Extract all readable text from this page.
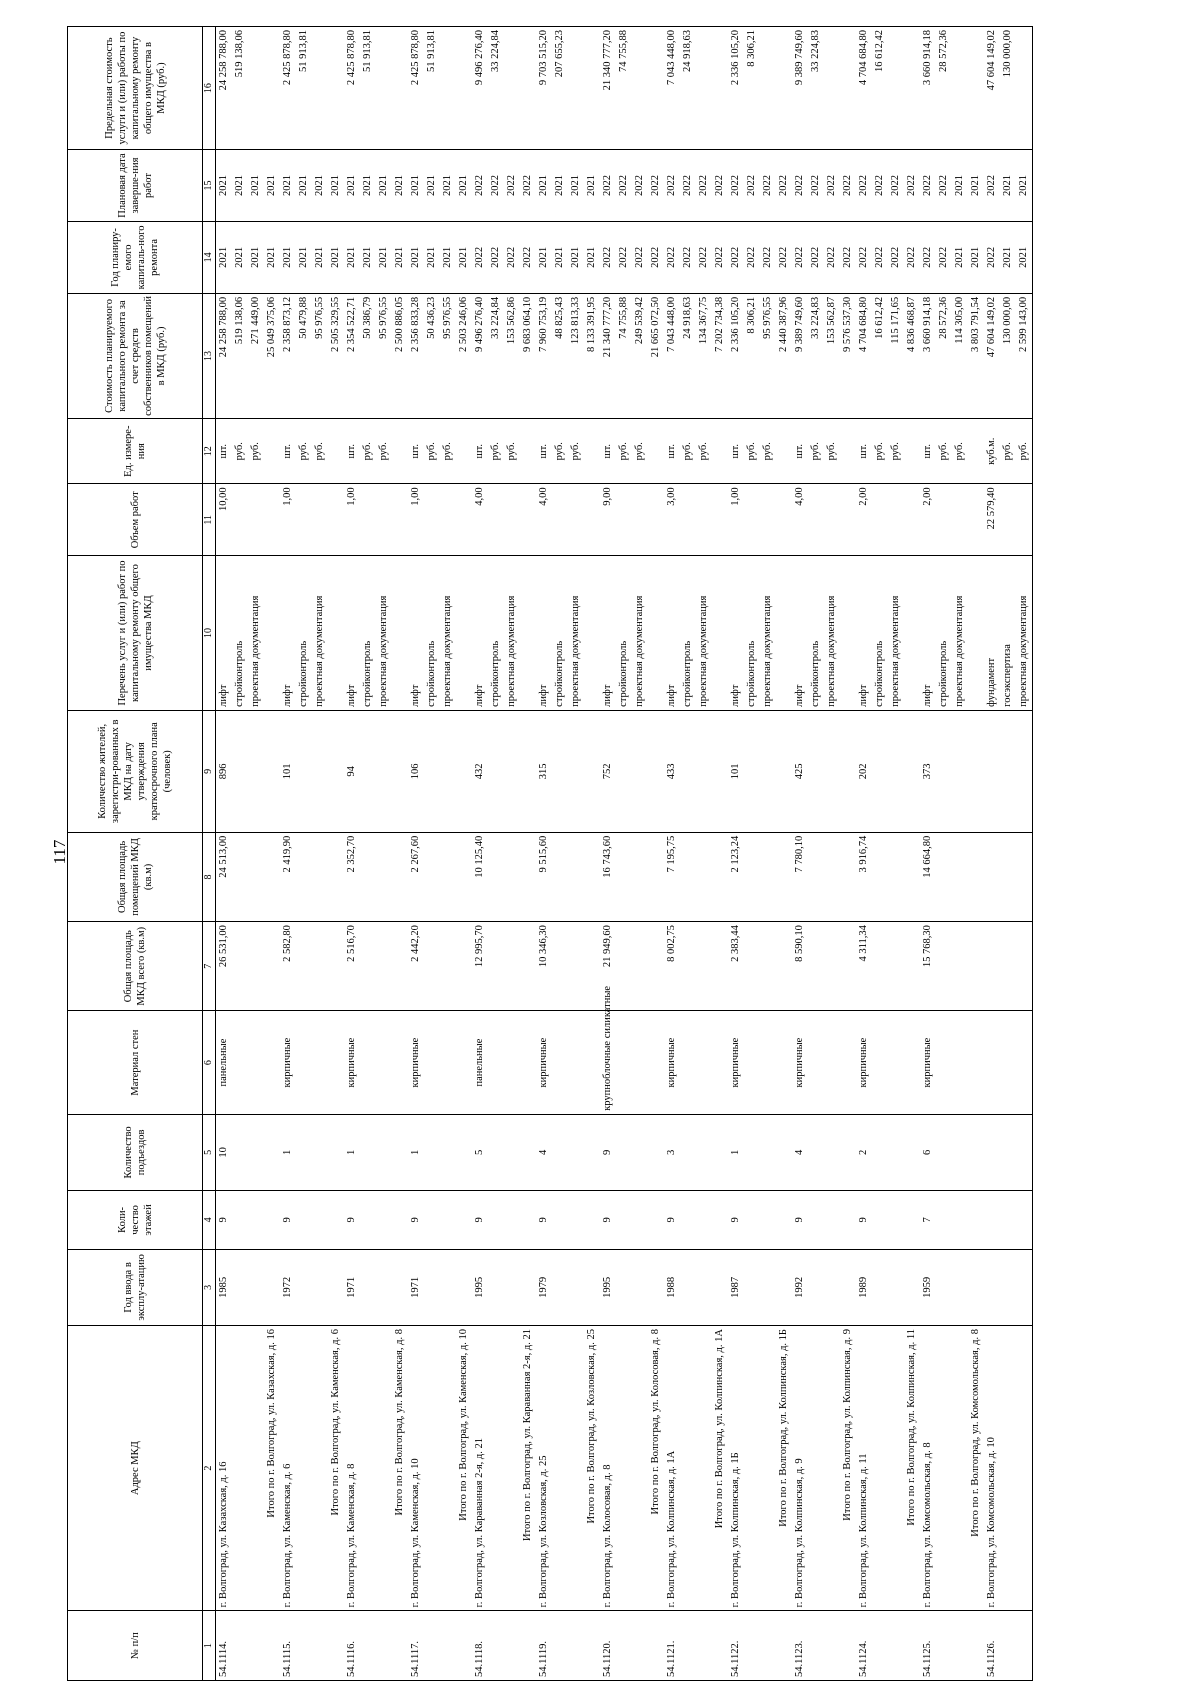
117
№ п/п	Адрес МКД	Год ввода в эксплу-атацию	Коли-чество этажей	Количество подъездов	Материал стен	Общая площадь МКД всего (кв.м)	Общая площадь помещений МКД (кв.м)	Количество жителей, зарегистри-рованных в МКД на дату утверждения краткосрочного плана (человек)	Перечень услуг и (или) работ по капитальному ремонту общего имущества МКД	Объем работ	Ед. измере-ния	Стоимость планируемого капитального ремонта за счет средств собственников помещений в МКД (руб.)	Год планиру-емого капиталь-ного ремонта	Плановая дата заверше-ния работ	Предельная стоимость услуги и (или) работы по капитальному ремонту общего имущества в МКД (руб.)
1	2	3	4	5	6	7	8	9	10	11	12	13	14	15	16
54.1114.	г. Волгоград, ул. Казахская, д. 16	1985	9	10	панельные	26 531,00	24 513,00	896	лифт	10,00	шт.	24 258 788,00	2021	2021	24 258 788,00
									стройконтроль		руб.	519 138,06	2021	2021	519 138,06
									проектная документация		руб.	271 449,00	2021	2021	
	Итого по г. Волгоград, ул. Казахская, д. 16											25 049 375,06	2021	2021	
54.1115.	г. Волгоград, ул. Каменская, д. 6	1972	9	1	кирпичные	2 582,80	2 419,90	101	лифт	1,00	шт.	2 358 873,12	2021	2021	2 425 878,80
									стройконтроль		руб.	50 479,88	2021	2021	51 913,81
									проектная документация		руб.	95 976,55	2021	2021	
	Итого по г. Волгоград, ул. Каменская, д. 6											2 505 329,55	2021	2021	
54.1116.	г. Волгоград, ул. Каменская, д. 8	1971	9	1	кирпичные	2 516,70	2 352,70	94	лифт	1,00	шт.	2 354 522,71	2021	2021	2 425 878,80
									стройконтроль		руб.	50 386,79	2021	2021	51 913,81
									проектная документация		руб.	95 976,55	2021	2021	
	Итого по г. Волгоград, ул. Каменская, д. 8											2 500 886,05	2021	2021	
54.1117.	г. Волгоград, ул. Каменская, д. 10	1971	9	1	кирпичные	2 442,20	2 267,60	106	лифт	1,00	шт.	2 356 833,28	2021	2021	2 425 878,80
									стройконтроль		руб.	50 436,23	2021	2021	51 913,81
									проектная документация		руб.	95 976,55	2021	2021	
	Итого по г. Волгоград, ул. Каменская, д. 10											2 503 246,06	2021	2021	
54.1118.	г. Волгоград, ул. Караванная 2-я, д. 21	1995	9	5	панельные	12 995,70	10 125,40	432	лифт	4,00	шт.	9 496 276,40	2022	2022	9 496 276,40
									стройконтроль		руб.	33 224,84	2022	2022	33 224,84
									проектная документация		руб.	153 562,86	2022	2022	
	Итого по г. Волгоград, ул. Караванная 2-я, д. 21											9 683 064,10	2022	2022	
54.1119.	г. Волгоград, ул. Козловская, д. 25	1979	9	4	кирпичные	10 346,30	9 515,60	315	лифт	4,00	шт.	7 960 753,19	2021	2021	9 703 515,20
									стройконтроль		руб.	48 825,43	2021	2021	207 655,23
									проектная документация		руб.	123 813,33	2021	2021	
	Итого по г. Волгоград, ул. Козловская, д. 25											8 133 391,95	2021	2021	
54.1120.	г. Волгоград, ул. Колосовая, д. 8	1995	9	9	крупноблочные силикатные	21 949,60	16 743,60	752	лифт	9,00	шт.	21 340 777,20	2022	2022	21 340 777,20
									стройконтроль		руб.	74 755,88	2022	2022	74 755,88
									проектная документация		руб.	249 539,42	2022	2022	
	Итого по г. Волгоград, ул. Колосовая, д. 8											21 665 072,50	2022	2022	
54.1121.	г. Волгоград, ул. Колпинская, д. 1А	1988	9	3	кирпичные	8 002,75	7 195,75	433	лифт	3,00	шт.	7 043 448,00	2022	2022	7 043 448,00
									стройконтроль		руб.	24 918,63	2022	2022	24 918,63
									проектная документация		руб.	134 367,75	2022	2022	
	Итого по г. Волгоград, ул. Колпинская, д. 1А											7 202 734,38	2022	2022	
54.1122.	г. Волгоград, ул. Колпинская, д. 1Б	1987	9	1	кирпичные	2 383,44	2 123,24	101	лифт	1,00	шт.	2 336 105,20	2022	2022	2 336 105,20
									стройконтроль		руб.	8 306,21	2022	2022	8 306,21
									проектная документация		руб.	95 976,55	2022	2022	
	Итого по г. Волгоград, ул. Колпинская, д. 1Б											2 440 387,96	2022	2022	
54.1123.	г. Волгоград, ул. Колпинская, д. 9	1992	9	4	кирпичные	8 590,10	7 780,10	425	лифт	4,00	шт.	9 389 749,60	2022	2022	9 389 749,60
									стройконтроль		руб.	33 224,83	2022	2022	33 224,83
									проектная документация		руб.	153 562,87	2022	2022	
	Итого по г. Волгоград, ул. Колпинская, д. 9											9 576 537,30	2022	2022	
54.1124.	г. Волгоград, ул. Колпинская, д. 11	1989	9	2	кирпичные	4 311,34	3 916,74	202	лифт	2,00	шт.	4 704 684,80	2022	2022	4 704 684,80
									стройконтроль		руб.	16 612,42	2022	2022	16 612,42
									проектная документация		руб.	115 171,65	2022	2022	
	Итого по г. Волгоград, ул. Колпинская, д. 11											4 836 468,87	2022	2022	
54.1125.	г. Волгоград, ул. Комсомольская, д. 8	1959	7	6	кирпичные	15 768,30	14 664,80	373	лифт	2,00	шт.	3 660 914,18	2022	2022	3 660 914,18
									стройконтроль		руб.	28 572,36	2022	2022	28 572,36
									проектная документация		руб.	114 305,00	2021	2021	
	Итого по г. Волгоград, ул. Комсомольская, д. 8											3 803 791,54	2021	2021	
54.1126.	г. Волгоград, ул. Комсомольская, д. 10								фундамент	22 579,40	куб.м.	47 604 149,02	2022	2022	47 604 149,02
									госэкспертиза		руб.	130 000,00	2021	2021	130 000,00
									проектная документация		руб.	2 599 143,00	2021	2021	
